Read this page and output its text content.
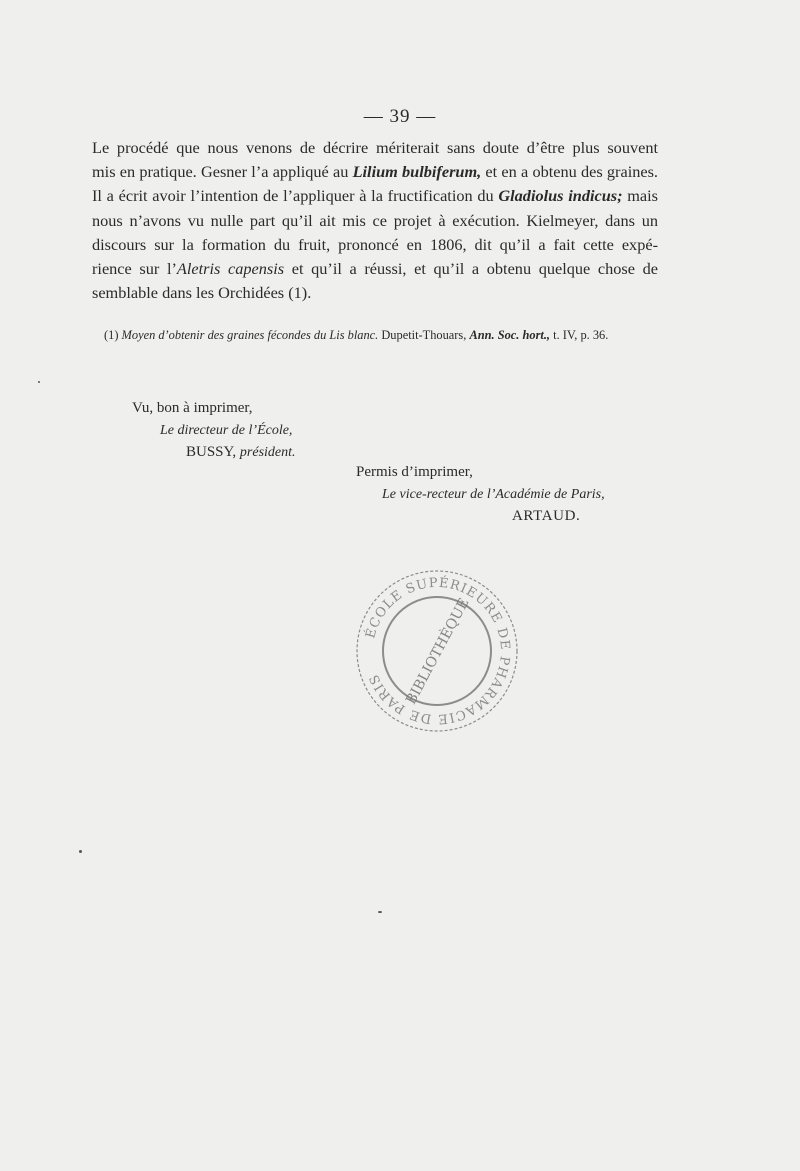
— 39 —
Le procédé que nous venons de décrire mériterait sans doute d’être plus souvent
mis en pratique. Gesner l’a appliqué au Lilium bulbiferum, et en a obtenu des graines.
Il a écrit avoir l’intention de l’appliquer à la fructification du Gladiolus indicus; mais
nous n’avons vu nulle part qu’il ait mis ce projet à exécution. Kielmeyer, dans un
discours sur la formation du fruit, prononcé en 1806, dit qu’il a fait cette expé-
rience sur l’Aletris capensis et qu’il a réussi, et qu’il a obtenu quelque chose de
semblable dans les Orchidées (1).
(1) Moyen d’obtenir des graines fécondes du Lis blanc. Dupetit-Thouars, Ann. Soc. hort., t. IV, p. 36.
Vu, bon à imprimer,
Le directeur de l’École,
BUSSY, président.
Permis d’imprimer,
Le vice-recteur de l’Académie de Paris,
ARTAUD.
ÉCOLE SUPÉRIEURE DE PHARMACIE DE PARIS	BIBLIOTHÈQUE
